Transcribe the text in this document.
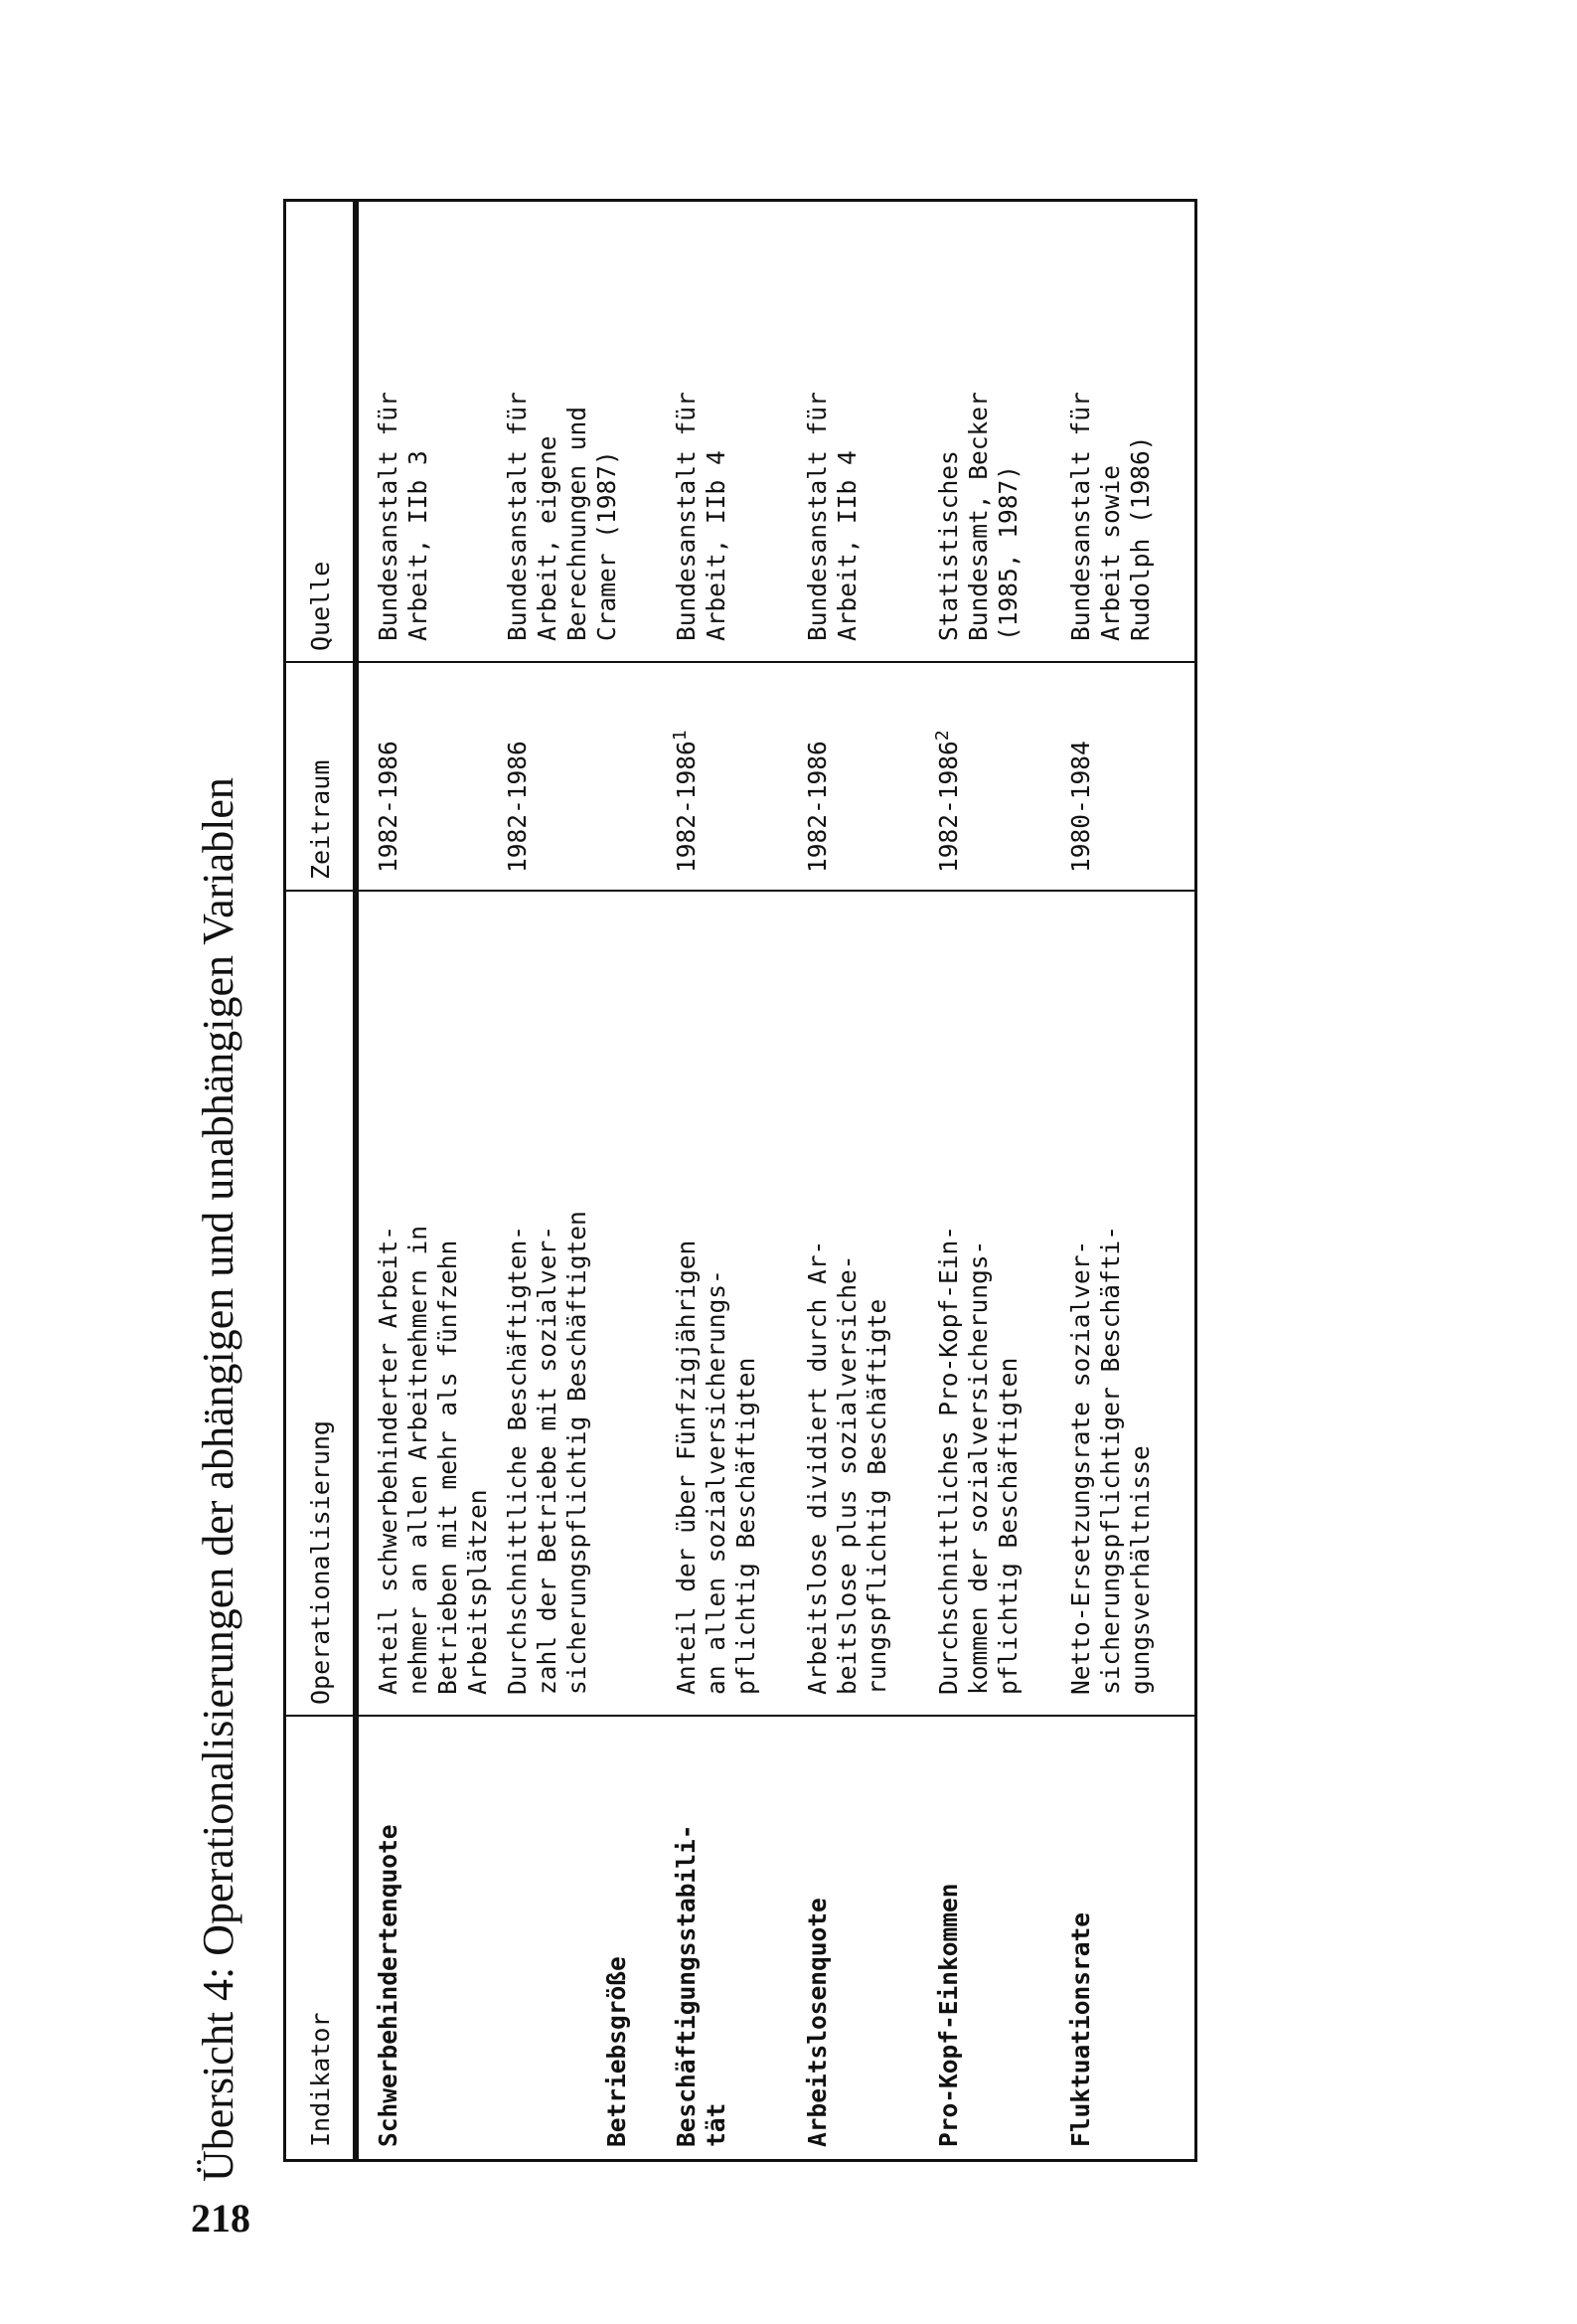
218
Übersicht 4: Operationalisierungen der abhängigen und unabhängigen Variablen	Indikator
Operationalisierung
Zeitraum
Quelle
Schwerbehindertenquote
Anteil schwerbehinderter Arbeit-
nehmer an allen Arbeitnehmern in
Betrieben mit mehr als fünfzehn
Arbeitsplätzen
1982-1986
Bundesanstalt für
Arbeit, IIb 3
Betriebsgröße
Durchschnittliche Beschäftigten-
zahl der Betriebe mit sozialver-
sicherungspflichtig Beschäftigten
1982-1986
Bundesanstalt für
Arbeit, eigene
Berechnungen und
Cramer (1987)
Beschäftigungsstabili-
tät
Anteil der über Fünfzigjährigen
an allen sozialversicherungs-
pflichtig Beschäftigten
1982-1986$^1$
Bundesanstalt für
Arbeit, IIb 4
Arbeitslosenquote
Arbeitslose dividiert durch Ar-
beitslose plus sozialversiche-
rungspflichtig Beschäftigte
1982-1986
Bundesanstalt für
Arbeit, IIb 4
Pro-Kopf-Einkommen
Durchschnittliches Pro-Kopf-Ein-
kommen der sozialversicherungs-
pflichtig Beschäftigten
1982-1986$^2$
Statistisches
Bundesamt, Becker
(1985, 1987)
Fluktuationsrate
Netto-Ersetzungsrate sozialver-
sicherungspflichtiger Beschäfti-
gungsverhältnisse
1980-1984
Bundesanstalt für
Arbeit sowie
Rudolph (1986)
